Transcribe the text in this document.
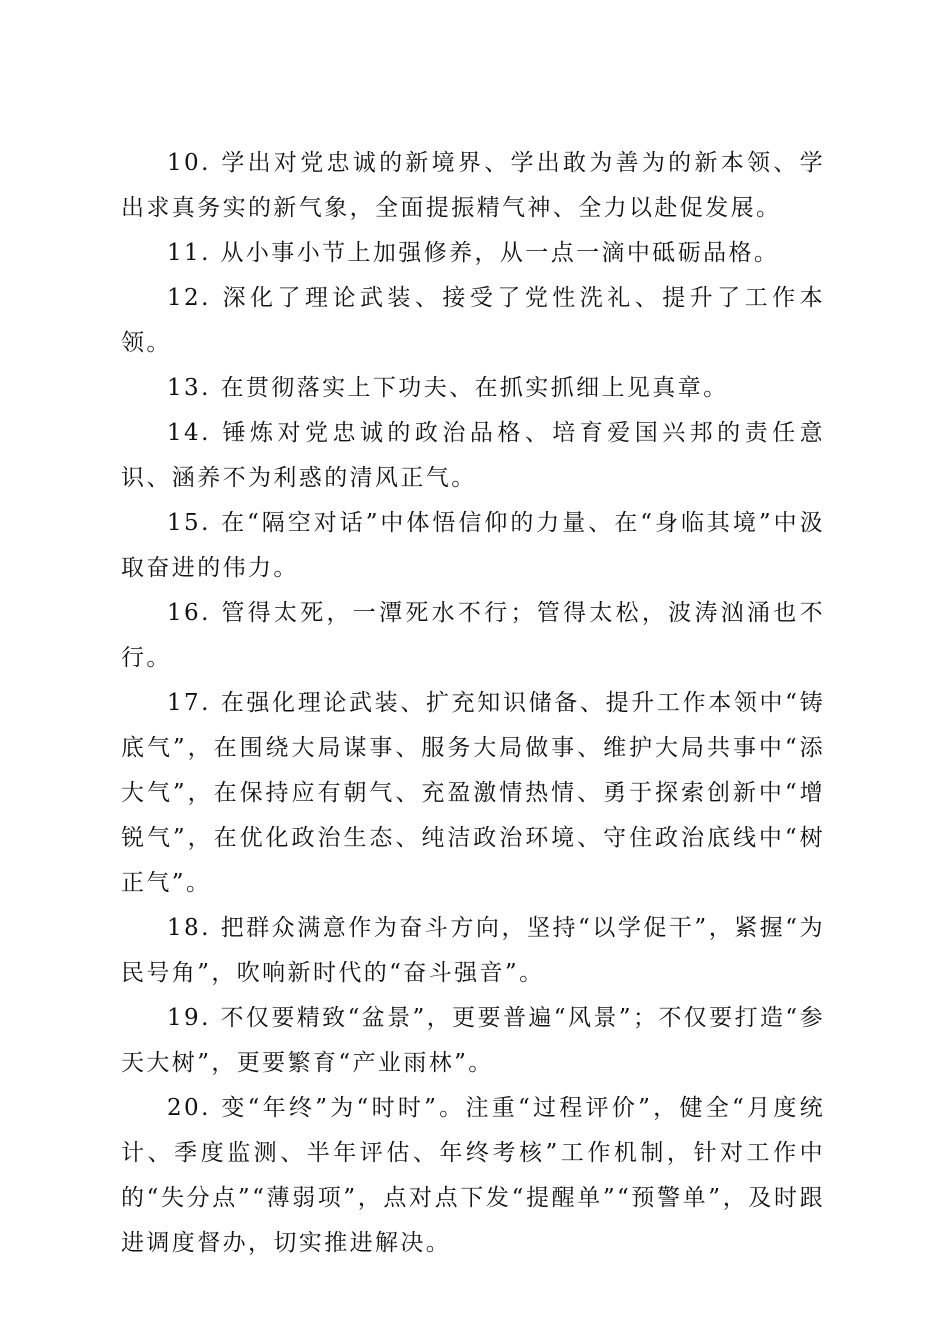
10. 学出对党忠诚的新境界、学出敢为善为的新本领、学出求真务实的新气象，全面提振精气神、全力以赴促发展。

11. 从小事小节上加强修养，从一点一滴中砥砺品格。

12. 深化了理论武装、接受了党性洗礼、提升了工作本领。

13. 在贯彻落实上下功夫、在抓实抓细上见真章。

14. 锤炼对党忠诚的政治品格、培育爱国兴邦的责任意识、涵养不为利惑的清风正气。

15. 在“隔空对话”中体悟信仰的力量、在“身临其境”中汲取奋进的伟力。

16. 管得太死，一潭死水不行；管得太松，波涛汹涌也不行。

17. 在强化理论武装、扩充知识储备、提升工作本领中“铸底气”，在围绕大局谋事、服务大局做事、维护大局共事中“添大气”，在保持应有朝气、充盈激情热情、勇于探索创新中“增锐气”，在优化政治生态、纯洁政治环境、守住政治底线中“树正气”。

18. 把群众满意作为奋斗方向，坚持“以学促干”，紧握“为民号角”，吹响新时代的“奋斗强音”。

19. 不仅要精致“盆景”，更要普遍“风景”；不仅要打造“参天大树”，更要繁育“产业雨林”。

20. 变“年终”为“时时”。注重“过程评价”，健全“月度统计、季度监测、半年评估、年终考核”工作机制，针对工作中的“失分点”“薄弱项”，点对点下发“提醒单”“预警单”，及时跟进调度督办，切实推进解决。
